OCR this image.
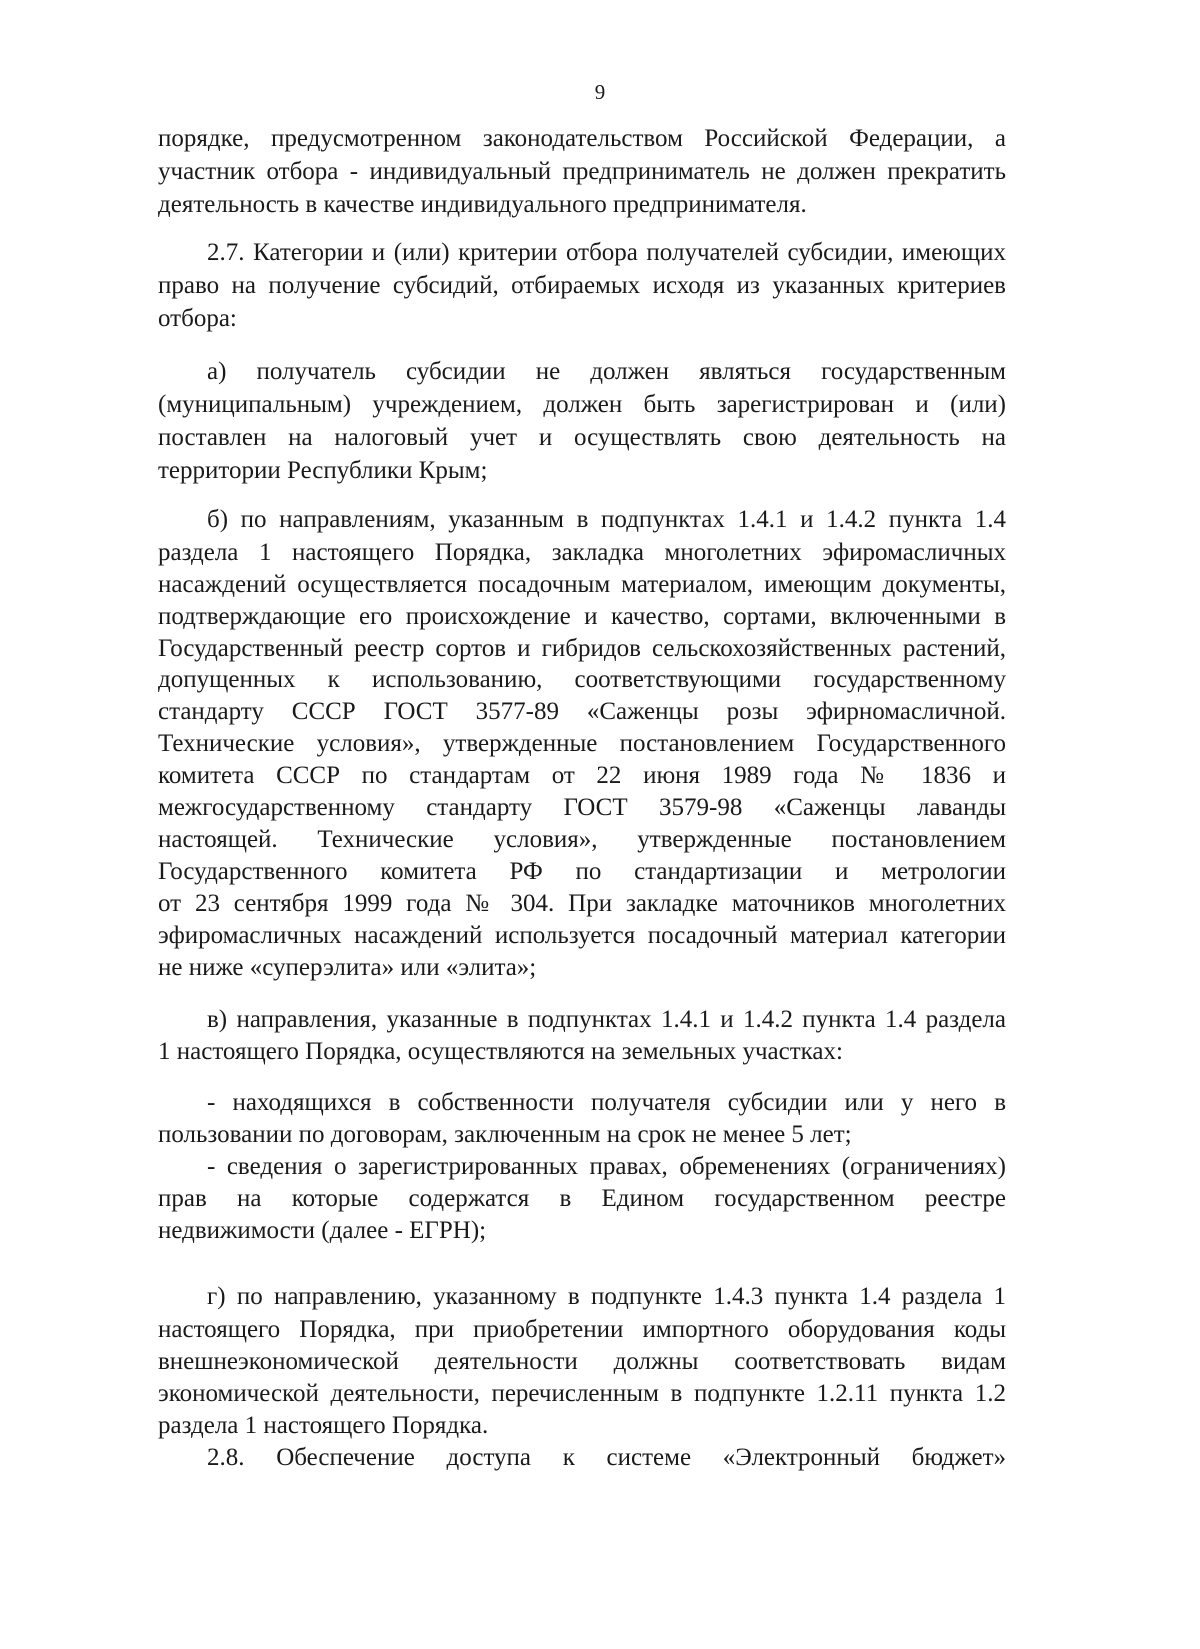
9
порядке, предусмотренном законодательством Российской Федерации, а
участник отбора - индивидуальный предприниматель не должен прекратить
деятельность в качестве индивидуального предпринимателя.
2.7. Категории и (или) критерии отбора получателей субсидии, имеющих
право на получение субсидий, отбираемых исходя из указанных критериев
отбора:
а) получатель субсидии не должен являться государственным
(муниципальным) учреждением, должен быть зарегистрирован и (или)
поставлен на налоговый учет и осуществлять свою деятельность на
территории Республики Крым;
б) по направлениям, указанным в подпунктах 1.4.1 и 1.4.2 пункта 1.4
раздела 1 настоящего Порядка, закладка многолетних эфиромасличных
насаждений осуществляется посадочным материалом, имеющим документы,
подтверждающие его происхождение и качество, сортами, включенными в
Государственный реестр сортов и гибридов сельскохозяйственных растений,
допущенных к использованию, соответствующими государственному
стандарту СССР ГОСТ 3577-89 «Саженцы розы эфирномасличной.
Технические условия», утвержденные постановлением Государственного
комитета СССР по стандартам от 22 июня 1989 года № 1836 и
межгосударственному стандарту ГОСТ 3579-98 «Саженцы лаванды
настоящей. Технические условия», утвержденные постановлением
Государственного комитета РФ по стандартизации и метрологии
от 23 сентября 1999 года № 304. При закладке маточников многолетних
эфиромасличных насаждений используется посадочный материал категории
не ниже «суперэлита» или «элита»;
в) направления, указанные в подпунктах 1.4.1 и 1.4.2 пункта 1.4 раздела
1 настоящего Порядка, осуществляются на земельных участках:
- находящихся в собственности получателя субсидии или у него в
пользовании по договорам, заключенным на срок не менее 5 лет;
- сведения о зарегистрированных правах, обременениях (ограничениях)
прав на которые содержатся в Едином государственном реестре
недвижимости (далее - ЕГРН);
г) по направлению, указанному в подпункте 1.4.3 пункта 1.4 раздела 1
настоящего Порядка, при приобретении импортного оборудования коды
внешнеэкономической деятельности должны соответствовать видам
экономической деятельности, перечисленным в подпункте 1.2.11 пункта 1.2
раздела 1 настоящего Порядка.
2.8. Обеспечение доступа к системе «Электронный бюджет»
